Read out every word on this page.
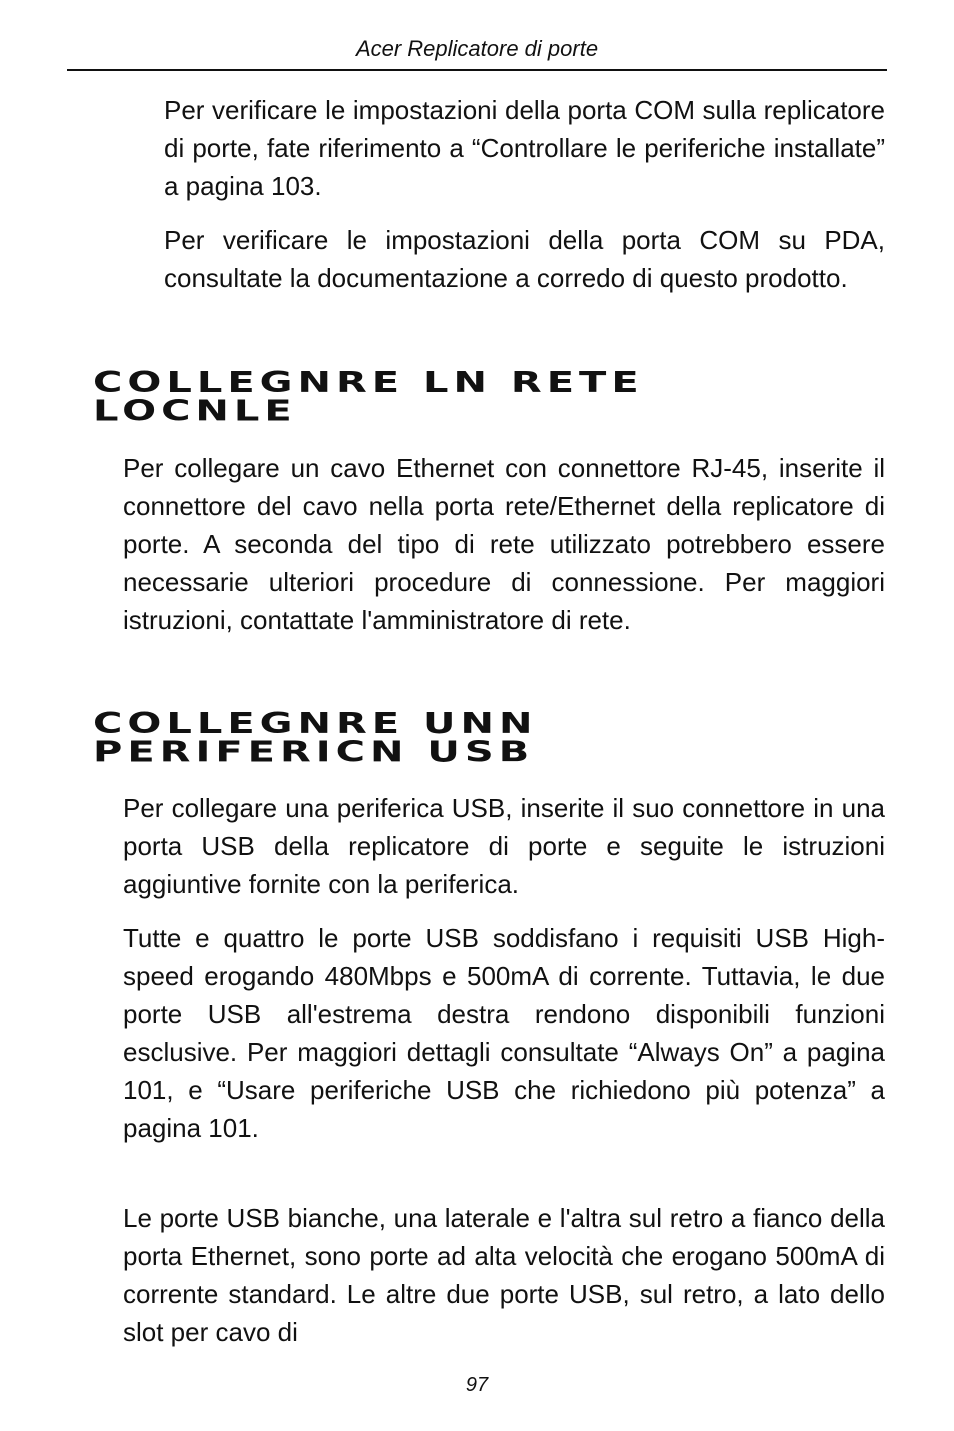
Acer Replicatore di porte

Per verificare le impostazioni della porta COM sulla replicatore di porte, fate riferimento a “Controllare le periferiche installate” a pagina 103.

Per verificare le impostazioni della porta COM su PDA, consultate la documentazione a corredo di questo prodotto.

COLLEGNRE LN RETE LOCNLE

Per collegare un cavo Ethernet con connettore RJ-45, inserite il connettore del cavo nella porta rete/Ethernet della replicatore di porte. A seconda del tipo di rete utilizzato potrebbero essere necessarie ulteriori procedure di connessione. Per maggiori istruzioni, contattate l'amministratore di rete.

COLLEGNRE UNN PERIFERICN USB

Per collegare una periferica USB, inserite il suo connettore in una porta USB della replicatore di porte e seguite le istruzioni aggiuntive fornite con la periferica.

Tutte e quattro le porte USB soddisfano i requisiti USB High-speed erogando 480Mbps e 500mA di corrente. Tuttavia, le due porte USB all'estrema destra rendono disponibili funzioni esclusive. Per maggiori dettagli consultate “Always On” a pagina 101, e “Usare periferiche USB che richiedono più potenza” a pagina 101.

Le porte USB bianche, una laterale e l'altra sul retro a fianco della porta Ethernet, sono porte ad alta velocità che erogano 500mA di corrente standard. Le altre due porte USB, sul retro, a lato dello slot per cavo di

97
